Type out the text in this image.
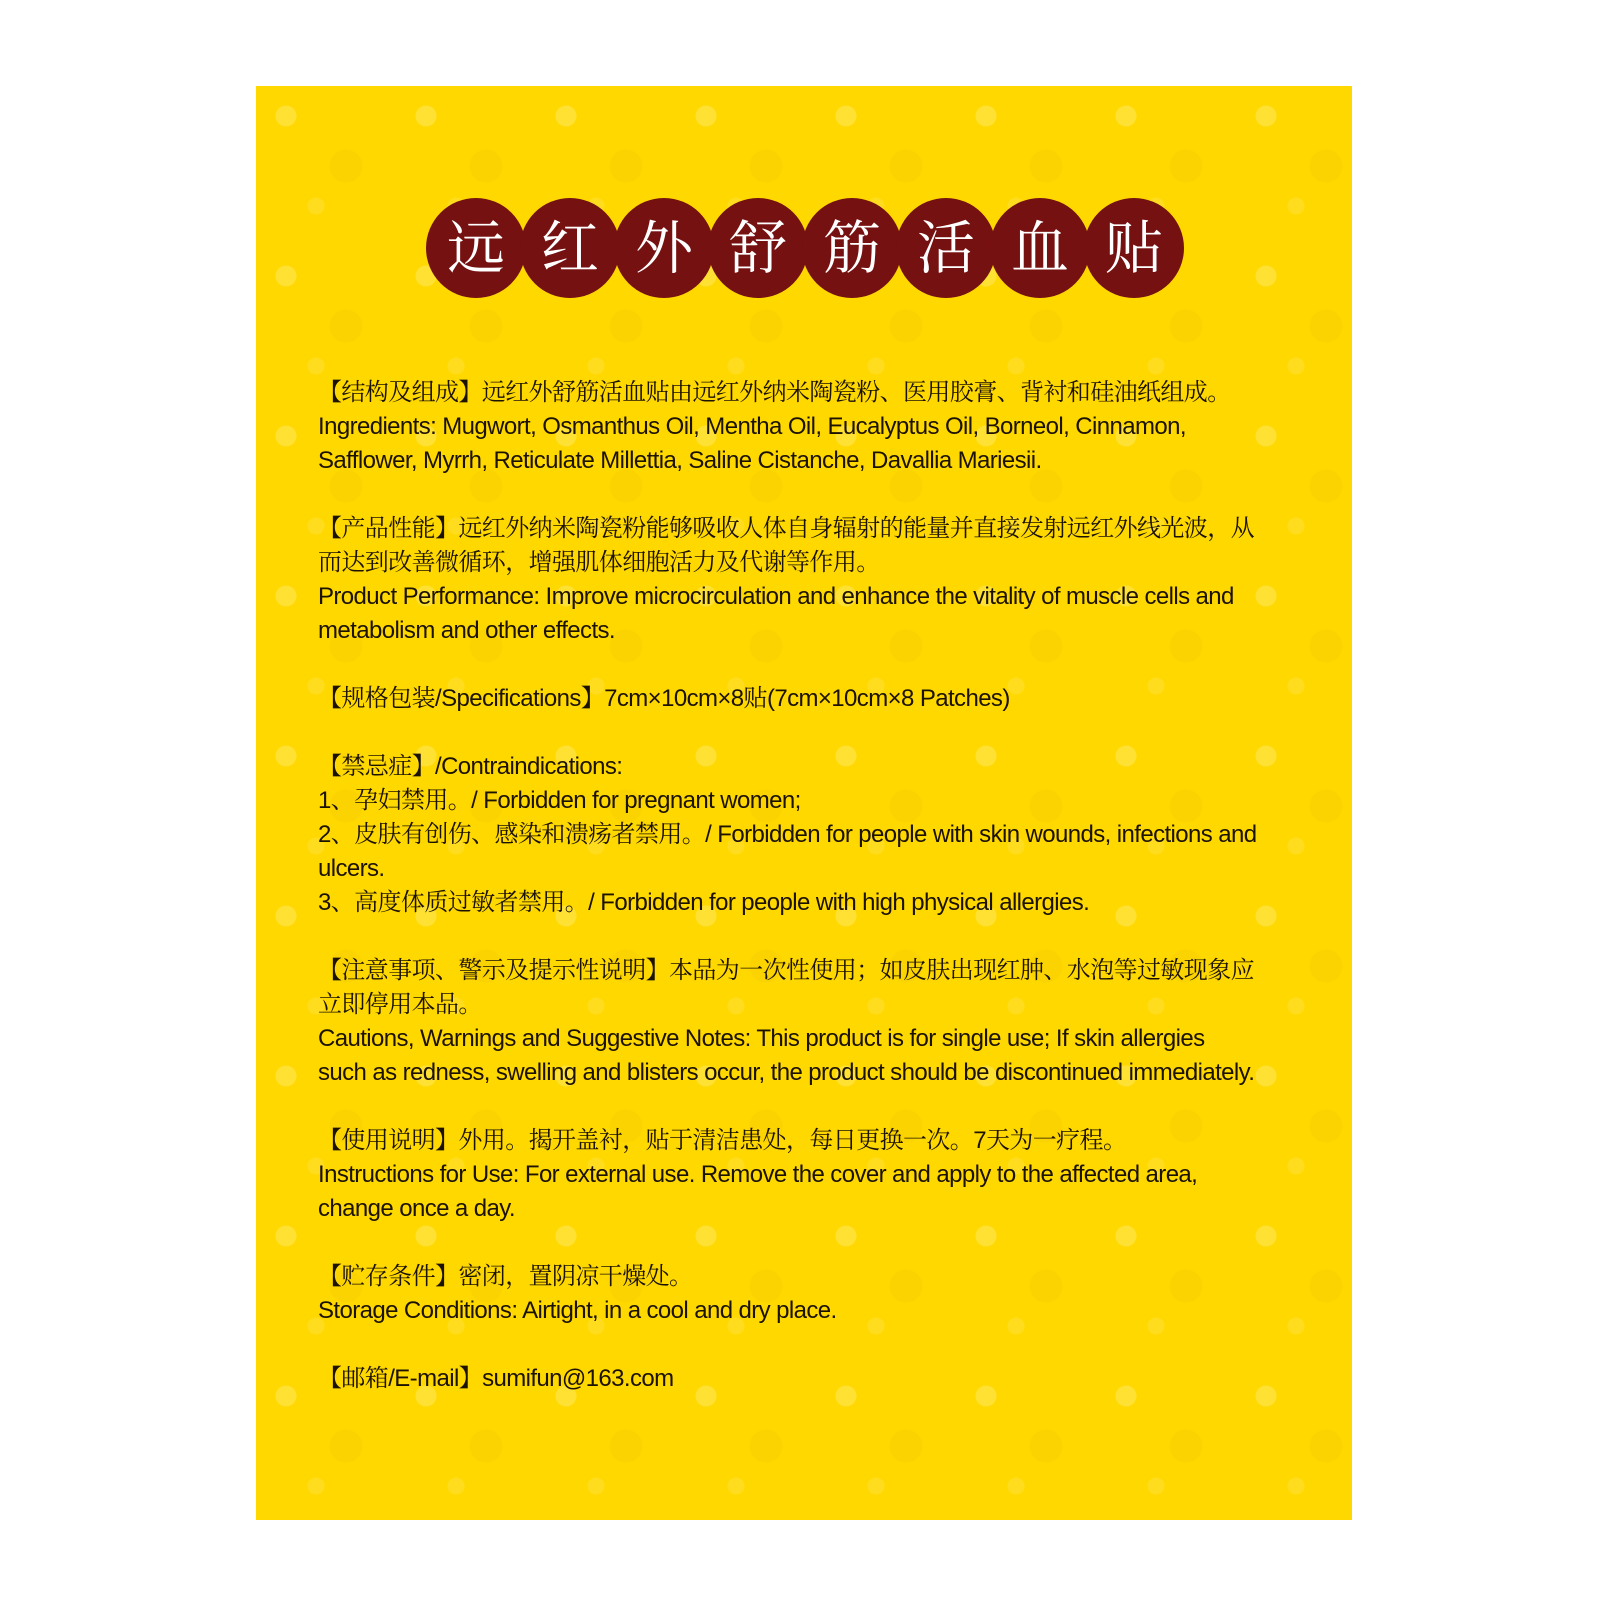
远 红 外 舒 筋 活 血 贴
【结构及组成】远红外舒筋活血贴由远红外纳米陶瓷粉、医用胶膏、背衬和硅油纸组成。
Ingredients: Mugwort, Osmanthus Oil, Mentha Oil, Eucalyptus Oil, Borneol, Cinnamon,
Safflower, Myrrh, Reticulate Millettia, Saline Cistanche, Davallia Mariesii.
【产品性能】远红外纳米陶瓷粉能够吸收人体自身辐射的能量并直接发射远红外线光波，从
而达到改善微循环，增强肌体细胞活力及代谢等作用。
Product Performance: Improve microcirculation and enhance the vitality of muscle cells and
metabolism and other effects.
【规格包装/Specifications】7cm×10cm×8贴(7cm×10cm×8 Patches)
【禁忌症】/Contraindications:
1、孕妇禁用。/ Forbidden for pregnant women;
2、皮肤有创伤、感染和溃疡者禁用。/ Forbidden for people with skin wounds, infections and
ulcers.
3、高度体质过敏者禁用。/ Forbidden for people with high physical allergies.
【注意事项、警示及提示性说明】本品为一次性使用；如皮肤出现红肿、水泡等过敏现象应
立即停用本品。
Cautions, Warnings and Suggestive Notes: This product is for single use; If skin allergies
such as redness, swelling and blisters occur, the product should be discontinued immediately.
【使用说明】外用。揭开盖衬，贴于清洁患处，每日更换一次。7天为一疗程。
Instructions for Use: For external use. Remove the cover and apply to the affected area,
change once a day.
【贮存条件】密闭，置阴凉干燥处。
Storage Conditions: Airtight, in a cool and dry place.
【邮箱/E-mail】sumifun@163.com
